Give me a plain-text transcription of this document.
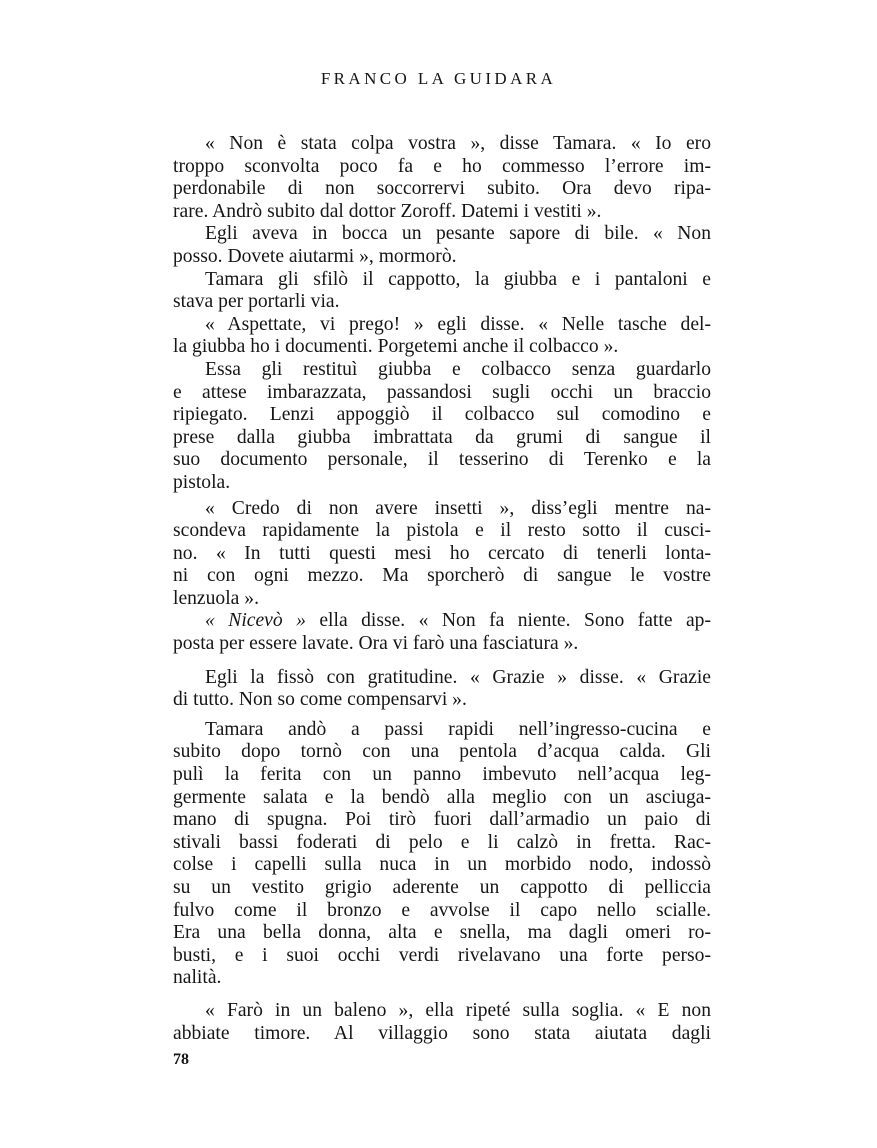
FRANCO LA GUIDARA
« Non è stata colpa vostra », disse Tamara. « Io ero
troppo sconvolta poco fa e ho commesso l’errore im-
perdonabile di non soccorrervi subito. Ora devo ripa-
rare. Andrò subito dal dottor Zoroff. Datemi i vestiti ».
Egli aveva in bocca un pesante sapore di bile. « Non
posso. Dovete aiutarmi », mormorò.
Tamara gli sfilò il cappotto, la giubba e i pantaloni e
stava per portarli via.
« Aspettate, vi prego! » egli disse. « Nelle tasche del-
la giubba ho i documenti. Porgetemi anche il colbacco ».
Essa gli restituì giubba e colbacco senza guardarlo
e attese imbarazzata, passandosi sugli occhi un braccio
ripiegato. Lenzi appoggiò il colbacco sul comodino e
prese dalla giubba imbrattata da grumi di sangue il
suo documento personale, il tesserino di Terenko e la
pistola.
« Credo di non avere insetti », diss’egli mentre na-
scondeva rapidamente la pistola e il resto sotto il cusci-
no. « In tutti questi mesi ho cercato di tenerli lonta-
ni con ogni mezzo. Ma sporcherò di sangue le vostre
lenzuola ».
« Nicevò » ella disse. « Non fa niente. Sono fatte ap-
posta per essere lavate. Ora vi farò una fasciatura ».
Egli la fissò con gratitudine. « Grazie » disse. « Grazie
di tutto. Non so come compensarvi ».
Tamara andò a passi rapidi nell’ingresso-cucina e
subito dopo tornò con una pentola d’acqua calda. Gli
pulì la ferita con un panno imbevuto nell’acqua leg-
germente salata e la bendò alla meglio con un asciuga-
mano di spugna. Poi tirò fuori dall’armadio un paio di
stivali bassi foderati di pelo e li calzò in fretta. Rac-
colse i capelli sulla nuca in un morbido nodo, indossò
su un vestito grigio aderente un cappotto di pelliccia
fulvo come il bronzo e avvolse il capo nello scialle.
Era una bella donna, alta e snella, ma dagli omeri ro-
busti, e i suoi occhi verdi rivelavano una forte perso-
nalità.
« Farò in un baleno », ella ripeté sulla soglia. « E non
abbiate timore. Al villaggio sono stata aiutata dagli
78
